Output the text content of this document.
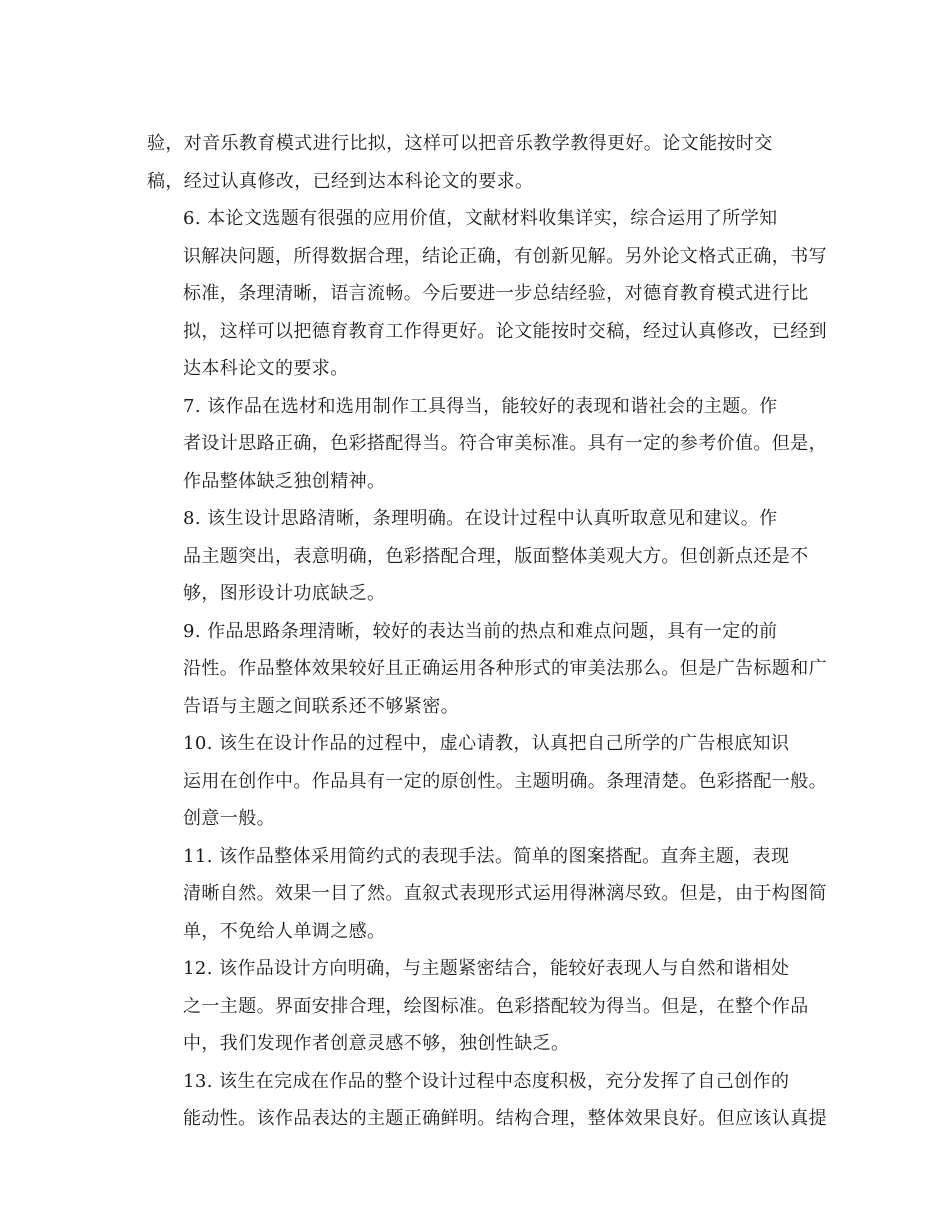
验，对音乐教育模式进行比拟，这样可以把音乐教学教得更好。论文能按时交
稿，经过认真修改，已经到达本科论文的要求。

6. 本论文选题有很强的应用价值，文献材料收集详实，综合运用了所学知
识解决问题，所得数据合理，结论正确，有创新见解。另外论文格式正确，书写
标准，条理清晰，语言流畅。今后要进一步总结经验，对德育教育模式进行比
拟，这样可以把德育教育工作得更好。论文能按时交稿，经过认真修改，已经到
达本科论文的要求。

7. 该作品在选材和选用制作工具得当，能较好的表现和谐社会的主题。作
者设计思路正确，色彩搭配得当。符合审美标准。具有一定的参考价值。但是，
作品整体缺乏独创精神。

8. 该生设计思路清晰，条理明确。在设计过程中认真听取意见和建议。作
品主题突出，表意明确，色彩搭配合理，版面整体美观大方。但创新点还是不
够，图形设计功底缺乏。

9. 作品思路条理清晰，较好的表达当前的热点和难点问题，具有一定的前
沿性。作品整体效果较好且正确运用各种形式的审美法那么。但是广告标题和广
告语与主题之间联系还不够紧密。

10. 该生在设计作品的过程中，虚心请教，认真把自己所学的广告根底知识
运用在创作中。作品具有一定的原创性。主题明确。条理清楚。色彩搭配一般。
创意一般。

11. 该作品整体采用简约式的表现手法。简单的图案搭配。直奔主题，表现
清晰自然。效果一目了然。直叙式表现形式运用得淋漓尽致。但是，由于构图简
单，不免给人单调之感。

12. 该作品设计方向明确，与主题紧密结合，能较好表现人与自然和谐相处
之一主题。界面安排合理，绘图标准。色彩搭配较为得当。但是，在整个作品
中，我们发现作者创意灵感不够，独创性缺乏。

13. 该生在完成在作品的整个设计过程中态度积极，充分发挥了自己创作的
能动性。该作品表达的主题正确鲜明。结构合理，整体效果良好。但应该认真提
